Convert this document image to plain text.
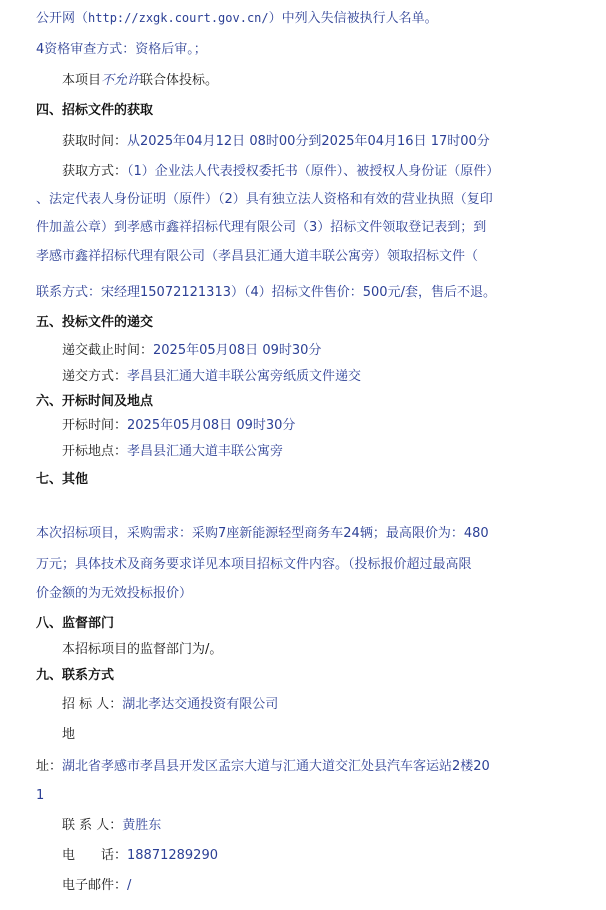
公开网（http://zxgk.court.gov.cn/）中列入失信被执行人名单。
4资格审查方式：资格后审。；
本项目不允许联合体投标。
四、招标文件的获取
获取时间：从2025年04月12日 08时00分到2025年04月16日 17时00分
获取方式：（1）企业法人代表授权委托书（原件）、被授权人身份证（原件）
、法定代表人身份证明（原件）（2）具有独立法人资格和有效的营业执照（复印
件加盖公章）到孝感市鑫祥招标代理有限公司（3）招标文件领取登记表到；到
孝感市鑫祥招标代理有限公司（孝昌县汇通大道丰联公寓旁）领取招标文件（
联系方式：宋经理15072121313）（4）招标文件售价：500元/套，售后不退。
五、投标文件的递交
递交截止时间：2025年05月08日 09时30分
递交方式：孝昌县汇通大道丰联公寓旁纸质文件递交
六、开标时间及地点
开标时间：2025年05月08日 09时30分
开标地点：孝昌县汇通大道丰联公寓旁
七、其他
本次招标项目，采购需求：采购7座新能源轻型商务车24辆；最高限价为：480
万元；具体技术及商务要求详见本项目招标文件内容。（投标报价超过最高限
价金额的为无效投标报价）
八、监督部门
本招标项目的监督部门为/。
九、联系方式
招 标 人：湖北孝达交通投资有限公司
地
址：湖北省孝感市孝昌县开发区孟宗大道与汇通大道交汇处县汽车客运站2楼20
1
联 系 人：黄胜东
电　　话：18871289290
电子邮件：/
